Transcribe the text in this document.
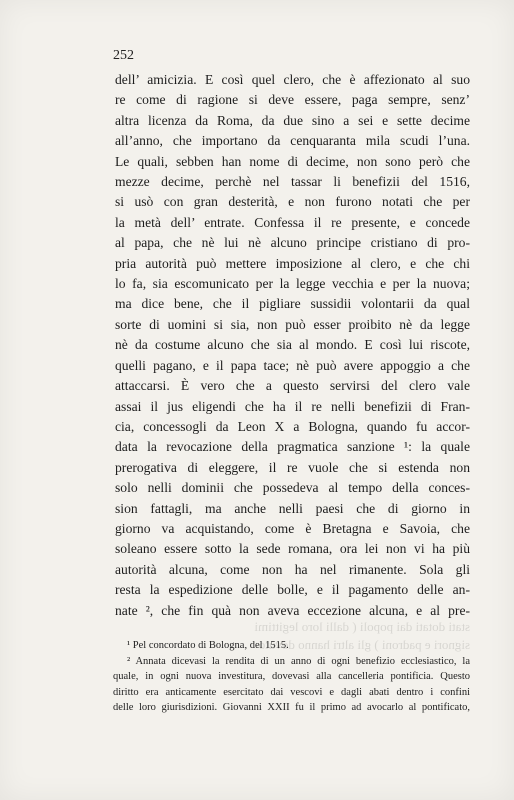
252
stati dotati dai popoli ( dalli loro legittimi
signori e padroni ) gli altri hanno dovuto
dell’ amicizia. E così quel clero, che è affezionato al suo
re come di ragione si deve essere, paga sempre, senz’
altra licenza da Roma, da due sino a sei e sette decime
all’anno, che importano da cenquaranta mila scudi l’una.
Le quali, sebben han nome di decime, non sono però che
mezze decime, perchè nel tassar li benefizii del 1516,
si usò con gran desterità, e non furono notati che per
la metà dell’ entrate. Confessa il re presente, e concede
al papa, che nè lui nè alcuno principe cristiano di pro-
pria autorità può mettere imposizione al clero, e che chi
lo fa, sia escomunicato per la legge vecchia e per la nuova;
ma dice bene, che il pigliare sussidii volontarii da qual
sorte di uomini si sia, non può esser proibito nè da legge
nè da costume alcuno che sia al mondo. E così lui riscote,
quelli pagano, e il papa tace; nè può avere appoggio a che
attaccarsi. È vero che a questo servirsi del clero vale
assai il jus eligendi che ha il re nelli benefizii di Fran-
cia, concessogli da Leon X a Bologna, quando fu accor-
data la revocazione della pragmatica sanzione ¹: la quale
prerogativa di eleggere, il re vuole che si estenda non
solo nelli dominii che possedeva al tempo della conces-
sion fattagli, ma anche nelli paesi che di giorno in
giorno va acquistando, come è Bretagna e Savoia, che
soleano essere sotto la sede romana, ora lei non vi ha più
autorità alcuna, come non ha nel rimanente. Sola gli
resta la espedizione delle bolle, e il pagamento delle an-
nate ², che fin quà non aveva eccezione alcuna, e al pre-
¹ Pel concordato di Bologna, del 1515.
² Annata dicevasi la rendita di un anno di ogni benefizio ecclesiastico, la
quale, in ogni nuova investitura, dovevasi alla cancelleria pontificia. Questo
diritto era anticamente esercitato dai vescovi e dagli abati dentro i confini
delle loro giurisdizioni. Giovanni XXII fu il primo ad avocarlo al pontificato,
